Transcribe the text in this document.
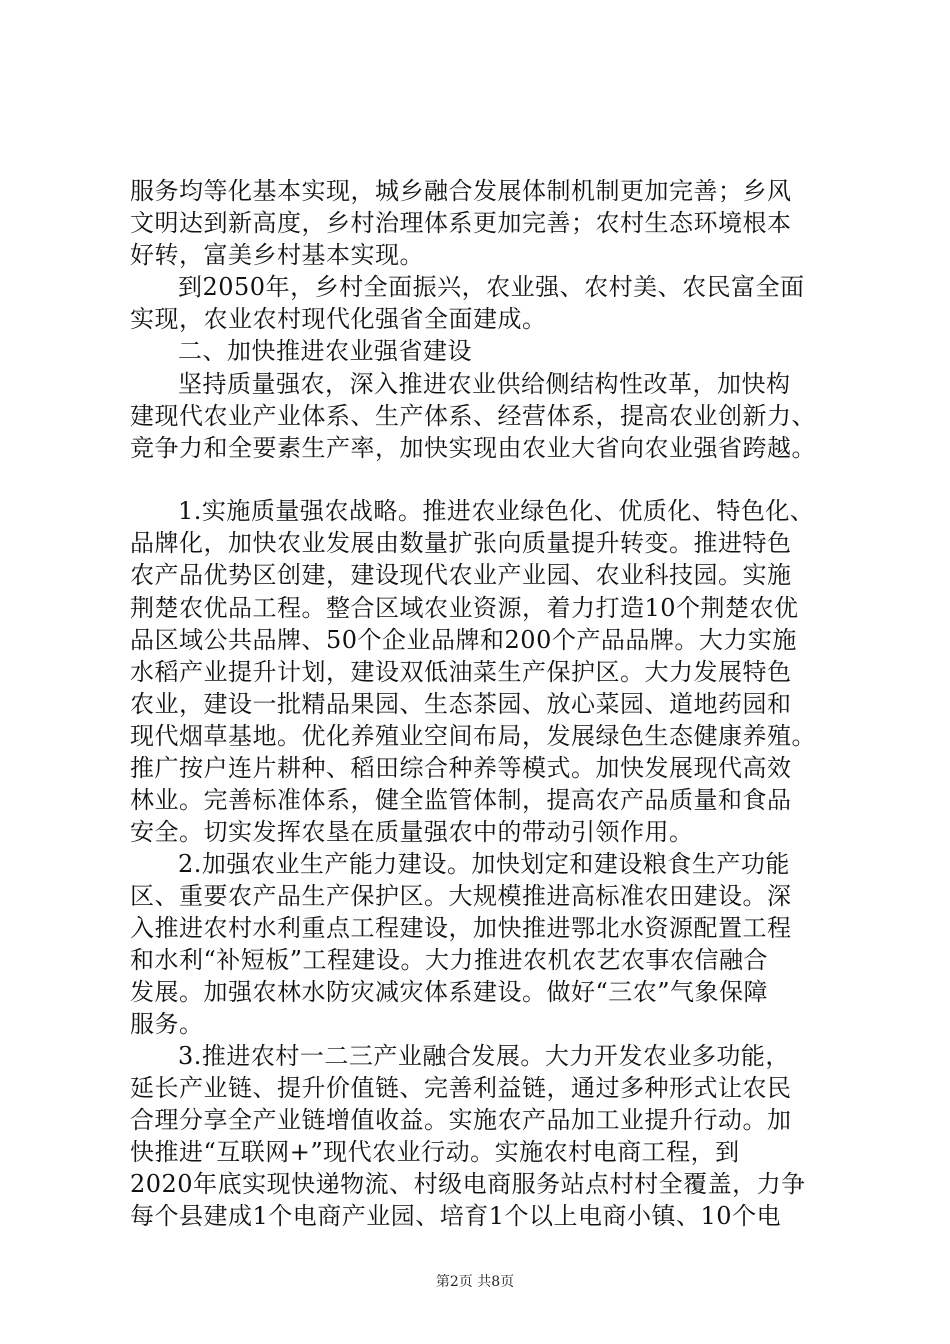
服务均等化基本实现，城乡融合发展体制机制更加完善；乡风
文明达到新高度，乡村治理体系更加完善；农村生态环境根本
好转，富美乡村基本实现。
到2050年，乡村全面振兴，农业强、农村美、农民富全面
实现，农业农村现代化强省全面建成。
二、加快推进农业强省建设
坚持质量强农，深入推进农业供给侧结构性改革，加快构
建现代农业产业体系、生产体系、经营体系，提高农业创新力、
竞争力和全要素生产率，加快实现由农业大省向农业强省跨越。
1.实施质量强农战略。推进农业绿色化、优质化、特色化、
品牌化，加快农业发展由数量扩张向质量提升转变。推进特色
农产品优势区创建，建设现代农业产业园、农业科技园。实施
荆楚农优品工程。整合区域农业资源，着力打造10个荆楚农优
品区域公共品牌、50个企业品牌和200个产品品牌。大力实施
水稻产业提升计划，建设双低油菜生产保护区。大力发展特色
农业，建设一批精品果园、生态茶园、放心菜园、道地药园和
现代烟草基地。优化养殖业空间布局，发展绿色生态健康养殖。
推广按户连片耕种、稻田综合种养等模式。加快发展现代高效
林业。完善标准体系，健全监管体制，提高农产品质量和食品
安全。切实发挥农垦在质量强农中的带动引领作用。
2.加强农业生产能力建设。加快划定和建设粮食生产功能
区、重要农产品生产保护区。大规模推进高标准农田建设。深
入推进农村水利重点工程建设，加快推进鄂北水资源配置工程
和水利“补短板”工程建设。大力推进农机农艺农事农信融合
发展。加强农林水防灾减灾体系建设。做好“三农”气象保障
服务。
3.推进农村一二三产业融合发展。大力开发农业多功能，
延长产业链、提升价值链、完善利益链，通过多种形式让农民
合理分享全产业链增值收益。实施农产品加工业提升行动。加
快推进“互联网+”现代农业行动。实施农村电商工程，到
2020年底实现快递物流、村级电商服务站点村村全覆盖，力争
每个县建成1个电商产业园、培育1个以上电商小镇、10个电
第2页 共8页
